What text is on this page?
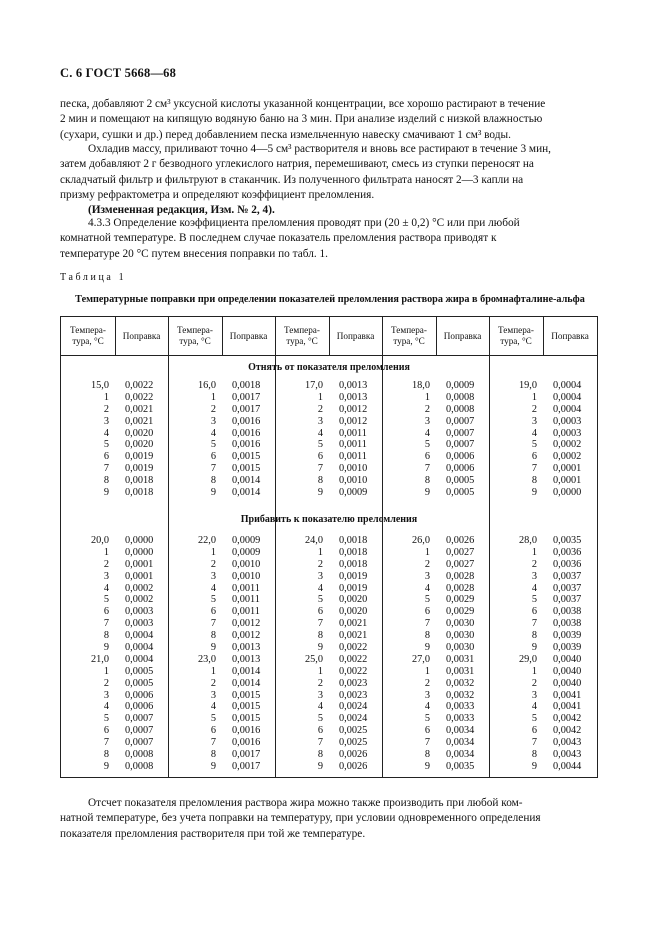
С. 6 ГОСТ 5668—68
песка, добавляют 2 см³ уксусной кислоты указанной концентрации, все хорошо растирают в течение
2 мин и помещают на кипящую водяную баню на 3 мин. При анализе изделий с низкой влажностью
(сухари, сушки и др.) перед добавлением песка измельченную навеску смачивают 1 см³ воды.
Охладив массу, приливают точно 4—5 см³ растворителя и вновь все растирают в течение 3 мин,
затем добавляют 2 г безводного углекислого натрия, перемешивают, смесь из ступки переносят на
складчатый фильтр и фильтруют в стаканчик. Из полученного фильтрата наносят 2—3 капли на
призму рефрактометра и определяют коэффициент преломления.
(Измененная редакция, Изм. № 2, 4).
4.3.3 Определение коэффициента преломления проводят при (20 ± 0,2) °С или при любой
комнатной температуре. В последнем случае показатель преломления раствора приводят к
температуре 20 °С путем внесения поправки по табл. 1.
Таблица 1
Температурные поправки при определении показателей преломления раствора жира в бромнафталине-альфа
Темпера-тура, °С
Поправка
Темпера-тура, °С
Поправка
Темпера-тура, °С
Поправка
Темпера-тура, °С
Поправка
Темпера-тура, °С
Поправка
Отнять от показателя преломления
Прибавить к показателю преломления
15,0
1
2
3
4
5
6
7
8
9
0,0022
0,0022
0,0021
0,0021
0,0020
0,0020
0,0019
0,0019
0,0018
0,0018
16,0
1
2
3
4
5
6
7
8
9
0,0018
0,0017
0,0017
0,0016
0,0016
0,0016
0,0015
0,0015
0,0014
0,0014
17,0
1
2
3
4
5
6
7
8
9
0,0013
0,0013
0,0012
0,0012
0,0011
0,0011
0,0011
0,0010
0,0010
0,0009
18,0
1
2
3
4
5
6
7
8
9
0,0009
0,0008
0,0008
0,0007
0,0007
0,0007
0,0006
0,0006
0,0005
0,0005
19,0
1
2
3
4
5
6
7
8
9
0,0004
0,0004
0,0004
0,0003
0,0003
0,0002
0,0002
0,0001
0,0001
0,0000
20,0
1
2
3
4
5
6
7
8
9
21,0
1
2
3
4
5
6
7
8
9
0,0000
0,0000
0,0001
0,0001
0,0002
0,0002
0,0003
0,0003
0,0004
0,0004
0,0004
0,0005
0,0005
0,0006
0,0006
0,0007
0,0007
0,0007
0,0008
0,0008
22,0
1
2
3
4
5
6
7
8
9
23,0
1
2
3
4
5
6
7
8
9
0,0009
0,0009
0,0010
0,0010
0,0011
0,0011
0,0011
0,0012
0,0012
0,0013
0,0013
0,0014
0,0014
0,0015
0,0015
0,0015
0,0016
0,0016
0,0017
0,0017
24,0
1
2
3
4
5
6
7
8
9
25,0
1
2
3
4
5
6
7
8
9
0,0018
0,0018
0,0018
0,0019
0,0019
0,0020
0,0020
0,0021
0,0021
0,0022
0,0022
0,0022
0,0023
0,0023
0,0024
0,0024
0,0025
0,0025
0,0026
0,0026
26,0
1
2
3
4
5
6
7
8
9
27,0
1
2
3
4
5
6
7
8
9
0,0026
0,0027
0,0027
0,0028
0,0028
0,0029
0,0029
0,0030
0,0030
0,0030
0,0031
0,0031
0,0032
0,0032
0,0033
0,0033
0,0034
0,0034
0,0034
0,0035
28,0
1
2
3
4
5
6
7
8
9
29,0
1
2
3
4
5
6
7
8
9
0,0035
0,0036
0,0036
0,0037
0,0037
0,0037
0,0038
0,0038
0,0039
0,0039
0,0040
0,0040
0,0040
0,0041
0,0041
0,0042
0,0042
0,0043
0,0043
0,0044
Отсчет показателя преломления раствора жира можно также производить при любой ком-
натной температуре, без учета поправки на температуру, при условии одновременного определения
показателя преломления растворителя при той же температуре.
